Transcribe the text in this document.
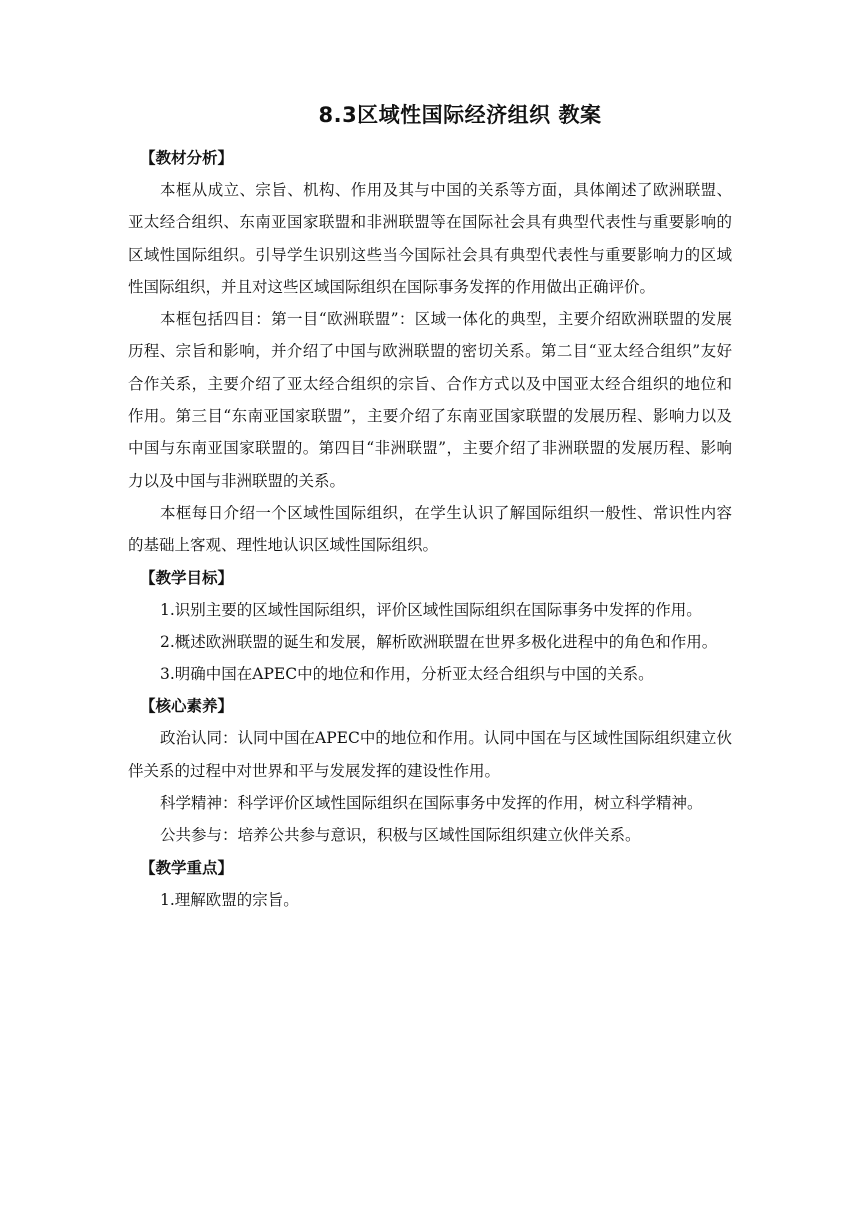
8.3区域性国际经济组织 教案
【教材分析】

本框从成立、宗旨、机构、作用及其与中国的关系等方面，具体阐述了欧洲联盟、亚太经合组织、东南亚国家联盟和非洲联盟等在国际社会具有典型代表性与重要影响的区域性国际组织。引导学生识别这些当今国际社会具有典型代表性与重要影响力的区域性国际组织，并且对这些区域国际组织在国际事务发挥的作用做出正确评价。

本框包括四目：第一目“欧洲联盟”：区域一体化的典型，主要介绍欧洲联盟的发展历程、宗旨和影响，并介绍了中国与欧洲联盟的密切关系。第二目“亚太经合组织”友好合作关系，主要介绍了亚太经合组织的宗旨、合作方式以及中国亚太经合组织的地位和作用。第三目“东南亚国家联盟”，主要介绍了东南亚国家联盟的发展历程、影响力以及中国与东南亚国家联盟的。第四目“非洲联盟”，主要介绍了非洲联盟的发展历程、影响力以及中国与非洲联盟的关系。

本框每日介绍一个区域性国际组织，在学生认识了解国际组织一般性、常识性内容的基础上客观、理性地认识区域性国际组织。

【教学目标】

1.识别主要的区域性国际组织，评价区域性国际组织在国际事务中发挥的作用。

2.概述欧洲联盟的诞生和发展，解析欧洲联盟在世界多极化进程中的角色和作用。

3.明确中国在APEC中的地位和作用，分析亚太经合组织与中国的关系。

【核心素养】

政治认同：认同中国在APEC中的地位和作用。认同中国在与区域性国际组织建立伙伴关系的过程中对世界和平与发展发挥的建设性作用。

科学精神：科学评价区域性国际组织在国际事务中发挥的作用，树立科学精神。

公共参与：培养公共参与意识，积极与区域性国际组织建立伙伴关系。

【教学重点】

1.理解欧盟的宗旨。
